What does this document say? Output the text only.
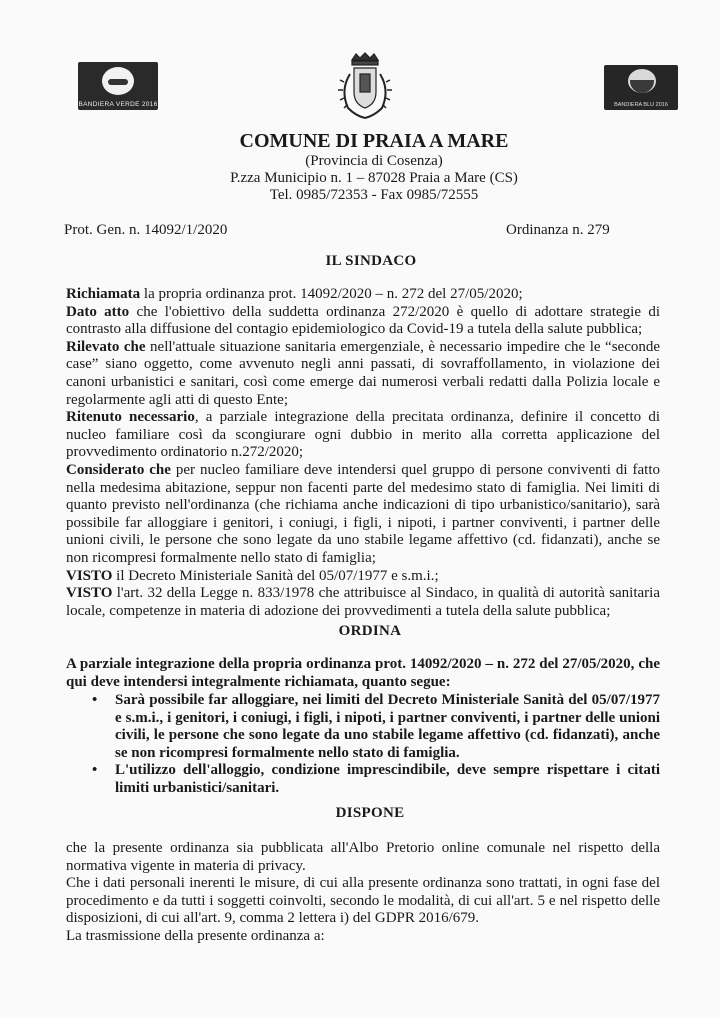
BANDIERA VERDE 2016	BANDIERA BLU 2016
COMUNE DI PRAIA A MARE
(Provincia di Cosenza)
P.zza Municipio n. 1 – 87028 Praia a Mare (CS)
Tel. 0985/72353 - Fax 0985/72555
Prot. Gen. n. 14092/1/2020	Ordinanza n. 279
IL SINDACO

Richiamata la propria ordinanza prot. 14092/2020 – n. 272 del 27/05/2020;

Dato atto che l'obiettivo della suddetta ordinanza 272/2020 è quello di adottare strategie di contrasto alla diffusione del contagio epidemiologico da Covid-19 a tutela della salute pubblica;

Rilevato che nell'attuale situazione sanitaria emergenziale, è necessario impedire che le “seconde case” siano oggetto, come avvenuto negli anni passati, di sovraffollamento, in violazione dei canoni urbanistici e sanitari, così come emerge dai numerosi verbali redatti dalla Polizia locale e regolarmente agli atti di questo Ente;

Ritenuto necessario, a parziale integrazione della precitata ordinanza, definire il concetto di nucleo familiare così da scongiurare ogni dubbio in merito alla corretta applicazione del provvedimento ordinatorio n.272/2020;

Considerato che per nucleo familiare deve intendersi quel gruppo di persone conviventi di fatto nella medesima abitazione, seppur non facenti parte del medesimo stato di famiglia. Nei limiti di quanto previsto nell'ordinanza (che richiama anche indicazioni di tipo urbanistico/sanitario), sarà possibile far alloggiare i genitori, i coniugi, i figli, i nipoti, i partner conviventi, i partner delle unioni civili, le persone che sono legate da uno stabile legame affettivo (cd. fidanzati), anche se non ricompresi formalmente nello stato di famiglia;

VISTO il Decreto Ministeriale Sanità del 05/07/1977 e s.m.i.;

VISTO l'art. 32 della Legge n. 833/1978 che attribuisce al Sindaco, in qualità di autorità sanitaria locale, competenze in materia di adozione dei provvedimenti a tutela della salute pubblica;

ORDINA
A parziale integrazione della propria ordinanza prot. 14092/2020 – n. 272 del 27/05/2020, che qui deve intendersi integralmente richiamata, quanto segue:
• Sarà possibile far alloggiare, nei limiti del Decreto Ministeriale Sanità del 05/07/1977 e s.m.i., i genitori, i coniugi, i figli, i nipoti, i partner conviventi, i partner delle unioni civili, le persone che sono legate da uno stabile legame affettivo (cd. fidanzati), anche se non ricompresi formalmente nello stato di famiglia.
• L'utilizzo dell'alloggio, condizione imprescindibile, deve sempre rispettare i citati limiti urbanistici/sanitari.
DISPONE

che la presente ordinanza sia pubblicata all'Albo Pretorio online comunale nel rispetto della normativa vigente in materia di privacy.

Che i dati personali inerenti le misure, di cui alla presente ordinanza sono trattati, in ogni fase del procedimento e da tutti i soggetti coinvolti, secondo le modalità, di cui all'art. 5 e nel rispetto delle disposizioni, di cui all'art. 9, comma 2 lettera i) del GDPR 2016/679.

La trasmissione della presente ordinanza a:
